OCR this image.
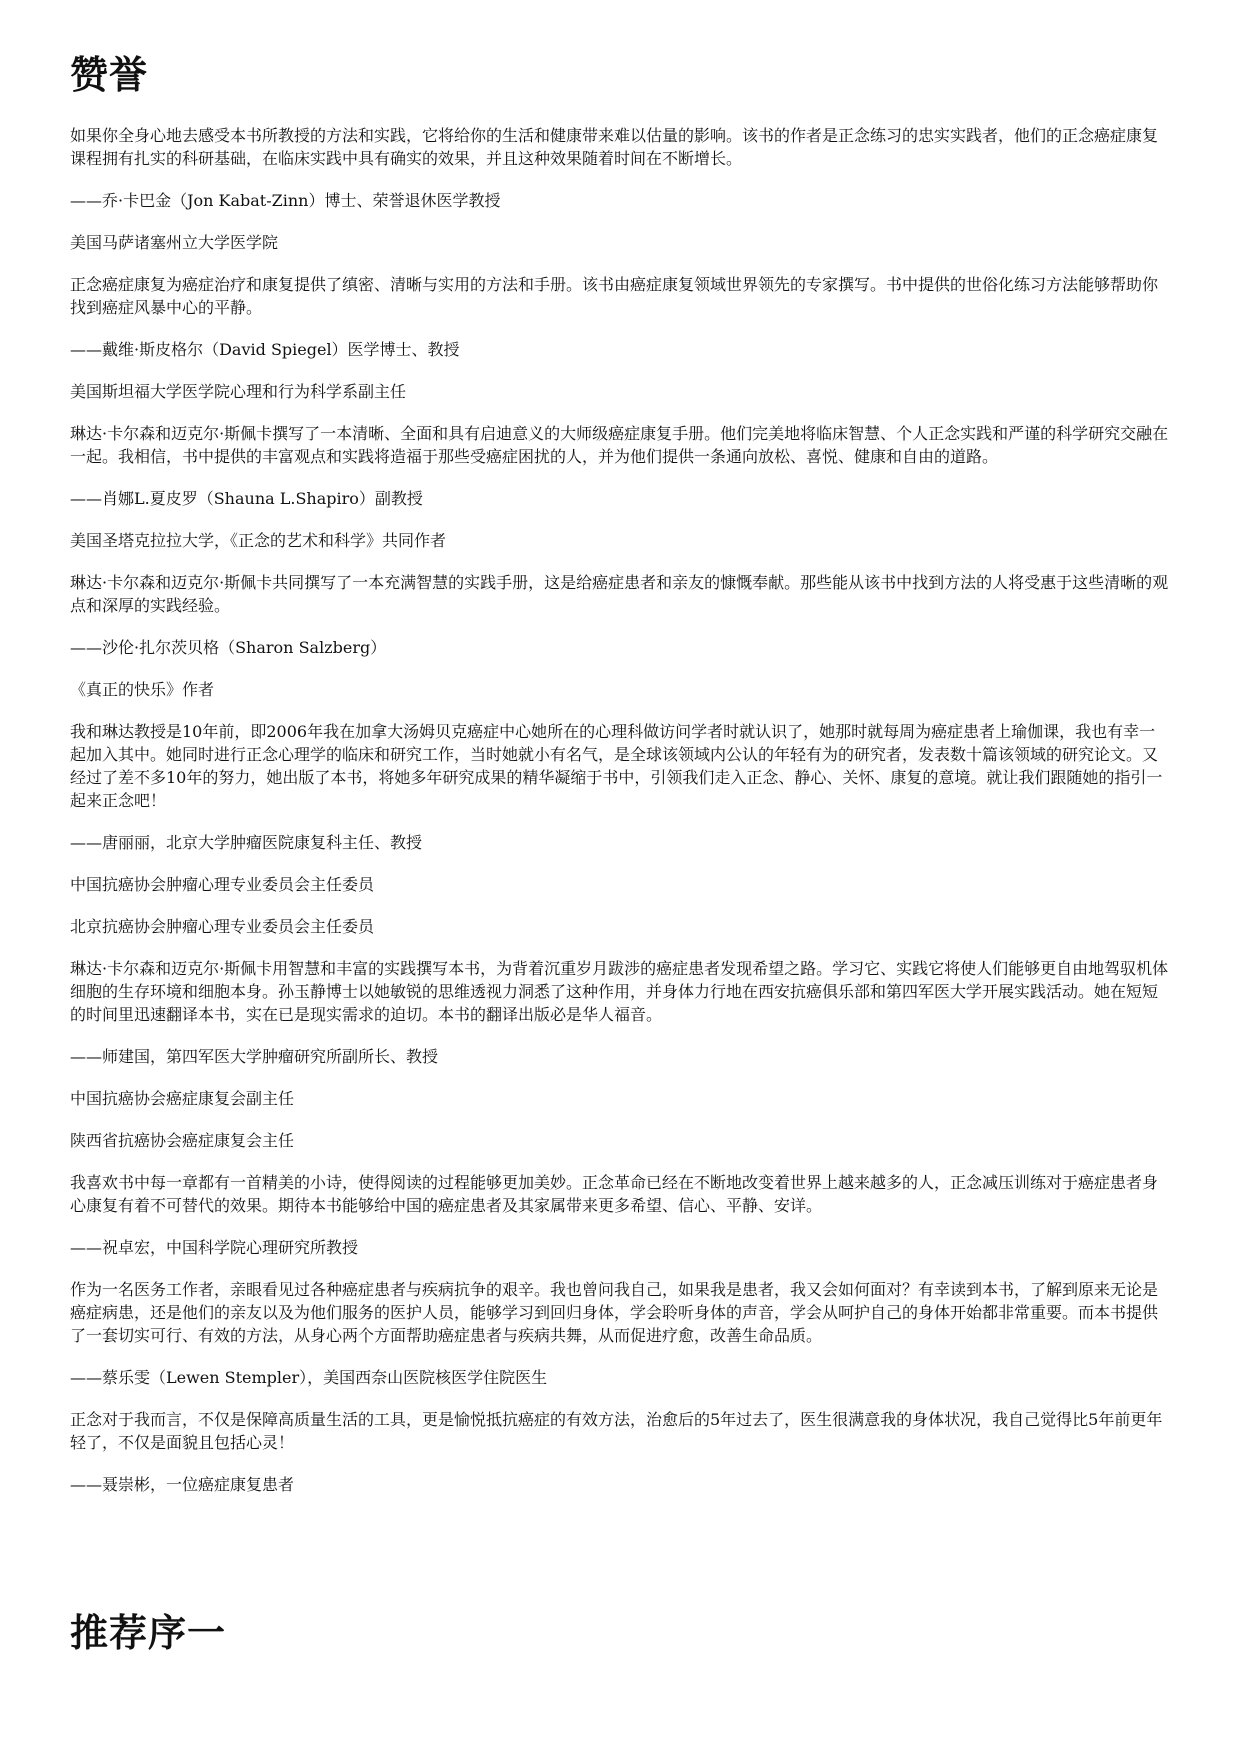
赞誉

如果你全身心地去感受本书所教授的方法和实践，它将给你的生活和健康带来难以估量的影响。该书的作者是正念练习的忠实实践者，他们的正念癌症康复课程拥有扎实的科研基础，在临床实践中具有确实的效果，并且这种效果随着时间在不断增长。

——乔·卡巴金（Jon Kabat-Zinn）博士、荣誉退休医学教授

美国马萨诸塞州立大学医学院

正念癌症康复为癌症治疗和康复提供了缜密、清晰与实用的方法和手册。该书由癌症康复领域世界领先的专家撰写。书中提供的世俗化练习方法能够帮助你找到癌症风暴中心的平静。

——戴维·斯皮格尔（David Spiegel）医学博士、教授

美国斯坦福大学医学院心理和行为科学系副主任

琳达·卡尔森和迈克尔·斯佩卡撰写了一本清晰、全面和具有启迪意义的大师级癌症康复手册。他们完美地将临床智慧、个人正念实践和严谨的科学研究交融在一起。我相信，书中提供的丰富观点和实践将造福于那些受癌症困扰的人，并为他们提供一条通向放松、喜悦、健康和自由的道路。

——肖娜L.夏皮罗（Shauna L.Shapiro）副教授

美国圣塔克拉拉大学，《正念的艺术和科学》共同作者

琳达·卡尔森和迈克尔·斯佩卡共同撰写了一本充满智慧的实践手册，这是给癌症患者和亲友的慷慨奉献。那些能从该书中找到方法的人将受惠于这些清晰的观点和深厚的实践经验。

——沙伦·扎尔茨贝格（Sharon Salzberg）

《真正的快乐》作者

我和琳达教授是10年前，即2006年我在加拿大汤姆贝克癌症中心她所在的心理科做访问学者时就认识了，她那时就每周为癌症患者上瑜伽课，我也有幸一起加入其中。她同时进行正念心理学的临床和研究工作，当时她就小有名气，是全球该领域内公认的年轻有为的研究者，发表数十篇该领域的研究论文。又经过了差不多10年的努力，她出版了本书，将她多年研究成果的精华凝缩于书中，引领我们走入正念、静心、关怀、康复的意境。就让我们跟随她的指引一起来正念吧！

——唐丽丽，北京大学肿瘤医院康复科主任、教授

中国抗癌协会肿瘤心理专业委员会主任委员

北京抗癌协会肿瘤心理专业委员会主任委员

琳达·卡尔森和迈克尔·斯佩卡用智慧和丰富的实践撰写本书，为背着沉重岁月跋涉的癌症患者发现希望之路。学习它、实践它将使人们能够更自由地驾驭机体细胞的生存环境和细胞本身。孙玉静博士以她敏锐的思维透视力洞悉了这种作用，并身体力行地在西安抗癌俱乐部和第四军医大学开展实践活动。她在短短的时间里迅速翻译本书，实在已是现实需求的迫切。本书的翻译出版必是华人福音。

——师建国，第四军医大学肿瘤研究所副所长、教授

中国抗癌协会癌症康复会副主任

陕西省抗癌协会癌症康复会主任

我喜欢书中每一章都有一首精美的小诗，使得阅读的过程能够更加美妙。正念革命已经在不断地改变着世界上越来越多的人，正念减压训练对于癌症患者身心康复有着不可替代的效果。期待本书能够给中国的癌症患者及其家属带来更多希望、信心、平静、安详。

——祝卓宏，中国科学院心理研究所教授

作为一名医务工作者，亲眼看见过各种癌症患者与疾病抗争的艰辛。我也曾问我自己，如果我是患者，我又会如何面对？有幸读到本书，了解到原来无论是癌症病患，还是他们的亲友以及为他们服务的医护人员，能够学习到回归身体，学会聆听身体的声音，学会从呵护自己的身体开始都非常重要。而本书提供了一套切实可行、有效的方法，从身心两个方面帮助癌症患者与疾病共舞，从而促进疗愈，改善生命品质。

——蔡乐雯（Lewen Stempler），美国西奈山医院核医学住院医生

正念对于我而言，不仅是保障高质量生活的工具，更是愉悦抵抗癌症的有效方法，治愈后的5年过去了，医生很满意我的身体状况，我自己觉得比5年前更年轻了，不仅是面貌且包括心灵！

——聂崇彬，一位癌症康复患者

推荐序一
